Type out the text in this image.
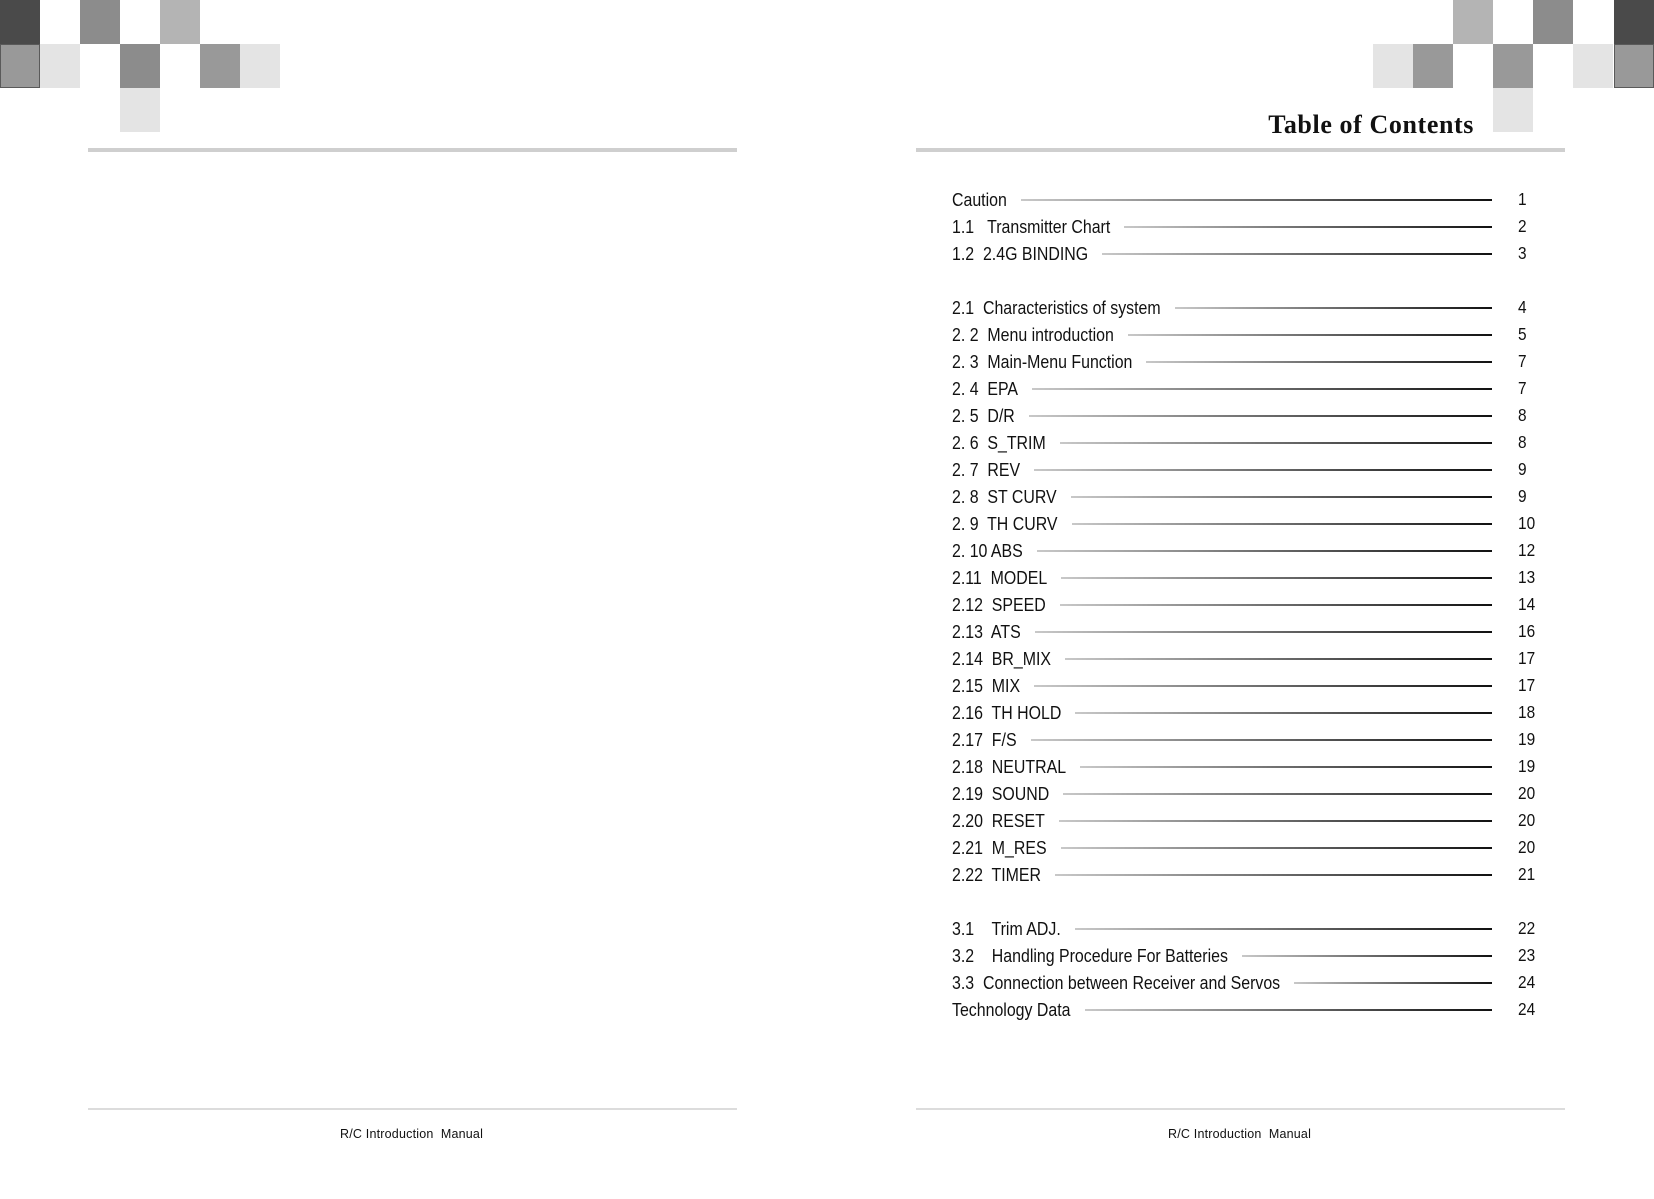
R/C Introduction  Manual
Table of Contents
Caution	1
1.1   Transmitter Chart	2
1.2  2.4G BINDING	3
2.1  Characteristics of system	4
2. 2  Menu introduction	5
2. 3  Main-Menu Function	7
2. 4  EPA	7
2. 5  D/R	8
2. 6  S_TRIM	8
2. 7  REV	9
2. 8  ST CURV	9
2. 9  TH CURV	10
2. 10 ABS	12
2.11  MODEL	13
2.12  SPEED	14
2.13  ATS	16
2.14  BR_MIX	17
2.15  MIX	17
2.16  TH HOLD	18
2.17  F/S	19
2.18  NEUTRAL	19
2.19  SOUND	20
2.20  RESET	20
2.21  M_RES	20
2.22  TIMER	21
3.1    Trim ADJ.	22
3.2    Handling Procedure For Batteries	23
3.3  Connection between Receiver and Servos	24
Technology Data	24
R/C Introduction  Manual
